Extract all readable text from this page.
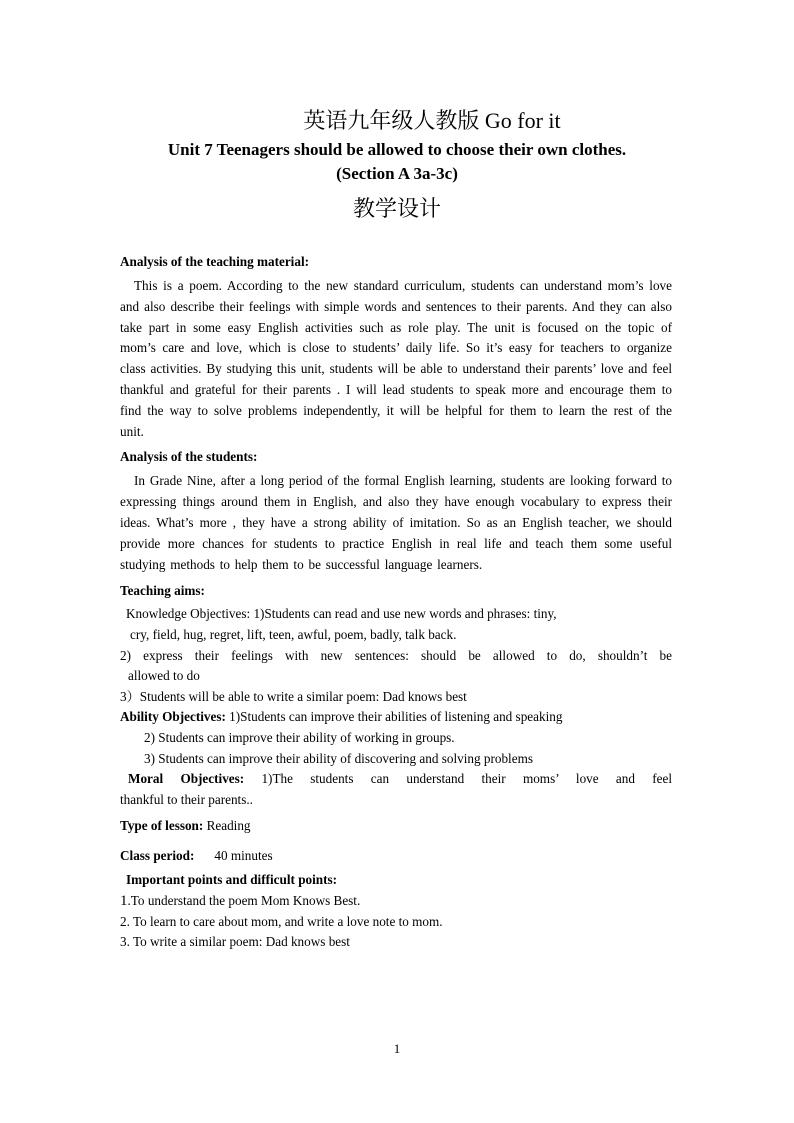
英语九年级人教版 Go for it
Unit 7 Teenagers should be allowed to choose their own clothes.
(Section A 3a-3c)
教学设计

Analysis of the teaching material:

This is a poem. According to the new standard curriculum, students can understand mom’s love and also describe their feelings with simple words and sentences to their parents. And they can also take part in some easy English activities such as role play. The unit is focused on the topic of mom’s care and love, which is close to students’ daily life. So it’s easy for teachers to organize class activities. By studying this unit, students will be able to understand their parents’ love and feel thankful and grateful for their parents . I will lead students to speak more and encourage them to find the way to solve problems independently, it will be helpful for them to learn the rest of the unit.

Analysis of the students:

In Grade Nine, after a long period of the formal English learning, students are looking forward to expressing things around them in English, and also they have enough vocabulary to express their ideas. What’s more , they have a strong ability of imitation. So as an English teacher, we should provide more chances for students to practice English in real life and teach them some useful studying methods to help them to be successful language learners.

Teaching aims:

Knowledge Objectives: 1)Students can read and use new words and phrases: tiny,

cry, field, hug, regret, lift, teen, awful, poem, badly, talk back.

2) express their feelings with new sentences: should be allowed to do, shouldn’t be

allowed to do

3）Students will be able to write a similar poem: Dad knows best

Ability Objectives: 1)Students can improve their abilities of listening and speaking

2) Students can improve their ability of working in groups.

3) Students can improve their ability of discovering and solving problems

Moral Objectives: 1)The students can understand their moms’ love and feel

thankful to their parents..

Type of lesson: Reading

Class period: 40 minutes

Important points and difficult points:

1.To understand the poem Mom Knows Best.

2. To learn to care about mom, and write a love note to mom.

3. To write a similar poem: Dad knows best

1
